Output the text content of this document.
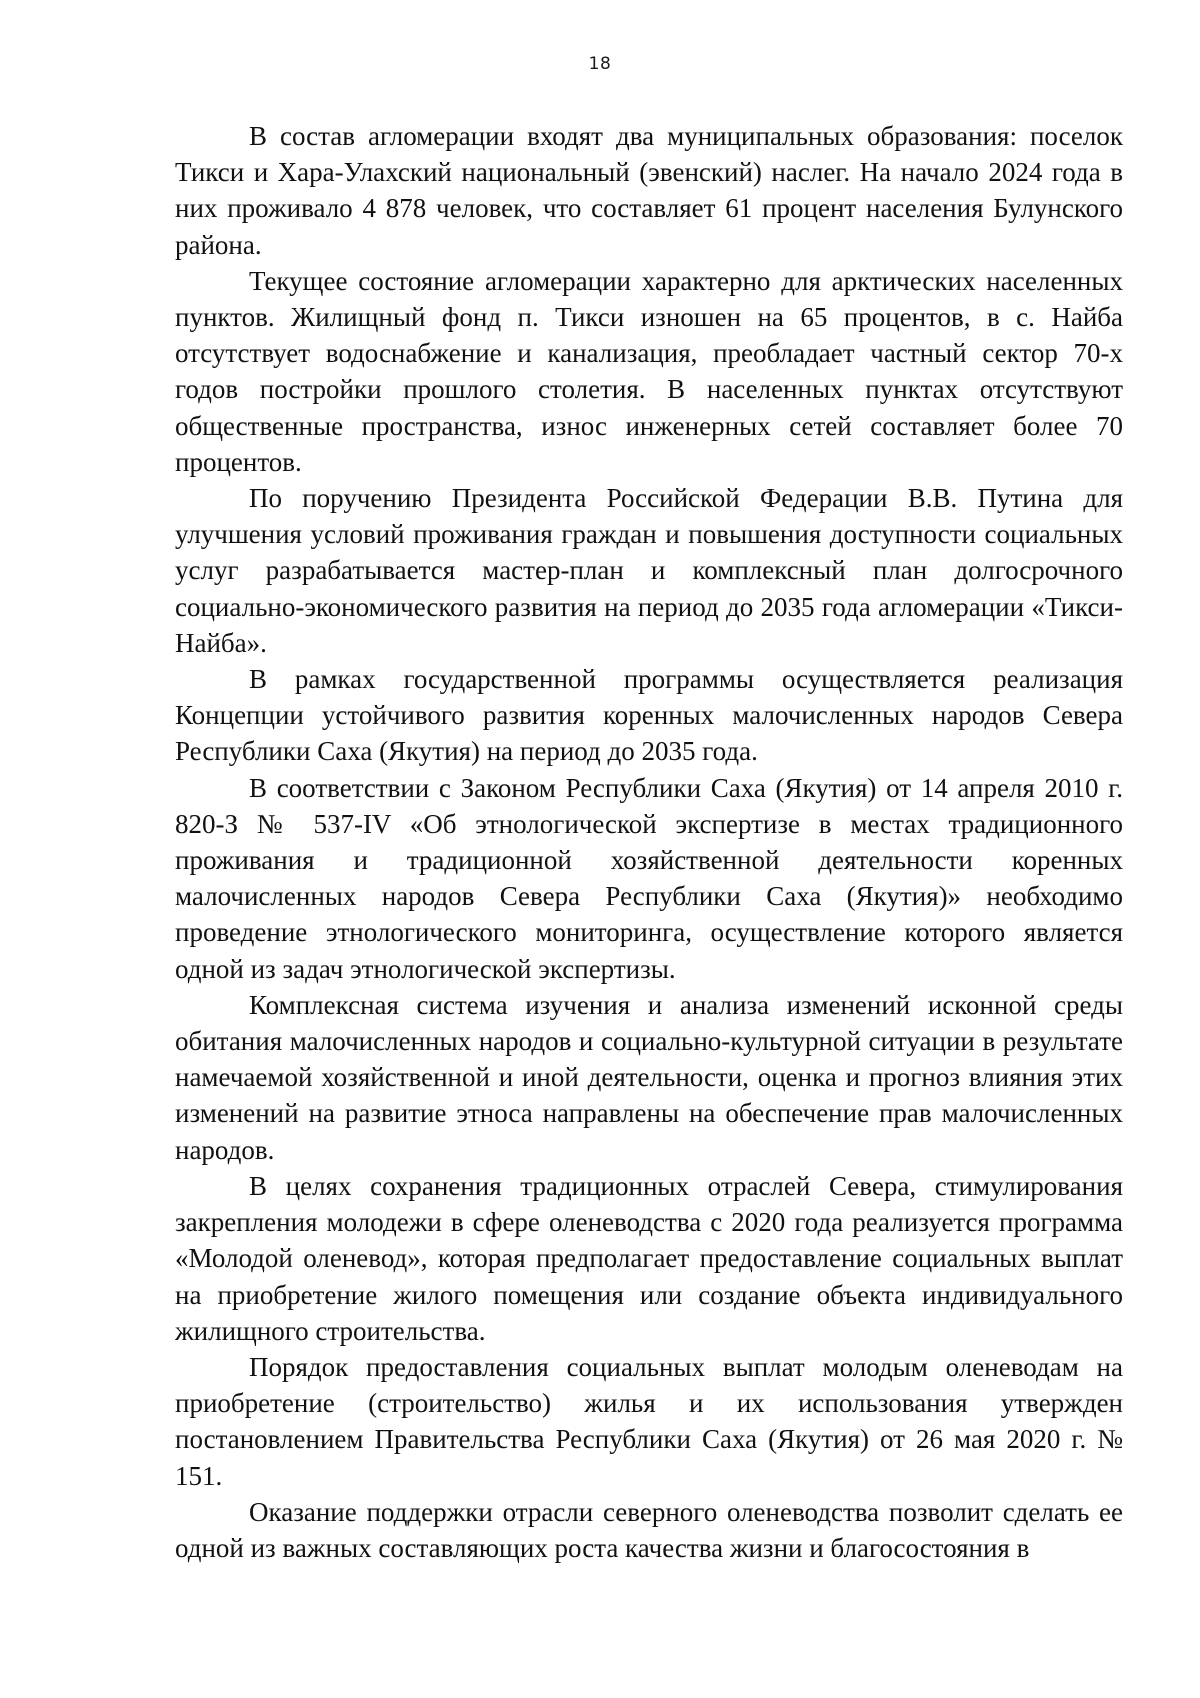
18

В состав агломерации входят два муниципальных образования: поселок Тикси и Хара-Улахский национальный (эвенский) наслег. На начало 2024 года в них проживало 4 878 человек, что составляет 61 процент населения Булунского района.

Текущее состояние агломерации характерно для арктических населенных пунктов. Жилищный фонд п. Тикси изношен на 65 процентов, в с. Найба отсутствует водоснабжение и канализация, преобладает частный сектор 70-х годов постройки прошлого столетия. В населенных пунктах отсутствуют общественные пространства, износ инженерных сетей составляет более 70 процентов.

По поручению Президента Российской Федерации В.В. Путина для улучшения условий проживания граждан и повышения доступности социальных услуг разрабатывается мастер-план и комплексный план долгосрочного социально-экономического развития на период до 2035 года агломерации «Тикси-Найба».

В рамках государственной программы осуществляется реализация Концепции устойчивого развития коренных малочисленных народов Севера Республики Саха (Якутия) на период до 2035 года.

В соответствии с Законом Республики Саха (Якутия) от 14 апреля 2010 г. 820-З № 537-IV «Об этнологической экспертизе в местах традиционного проживания и традиционной хозяйственной деятельности коренных малочисленных народов Севера Республики Саха (Якутия)» необходимо проведение этнологического мониторинга, осуществление которого является одной из задач этнологической экспертизы.

Комплексная система изучения и анализа изменений исконной среды обитания малочисленных народов и социально-культурной ситуации в результате намечаемой хозяйственной и иной деятельности, оценка и прогноз влияния этих изменений на развитие этноса направлены на обеспечение прав малочисленных народов.

В целях сохранения традиционных отраслей Севера, стимулирования закрепления молодежи в сфере оленеводства с 2020 года реализуется программа «Молодой оленевод», которая предполагает предоставление социальных выплат на приобретение жилого помещения или создание объекта индивидуального жилищного строительства.

Порядок предоставления социальных выплат молодым оленеводам на приобретение (строительство) жилья и их использования утвержден постановлением Правительства Республики Саха (Якутия) от 26 мая 2020 г. № 151.

Оказание поддержки отрасли северного оленеводства позволит сделать ее одной из важных составляющих роста качества жизни и благосостояния в
